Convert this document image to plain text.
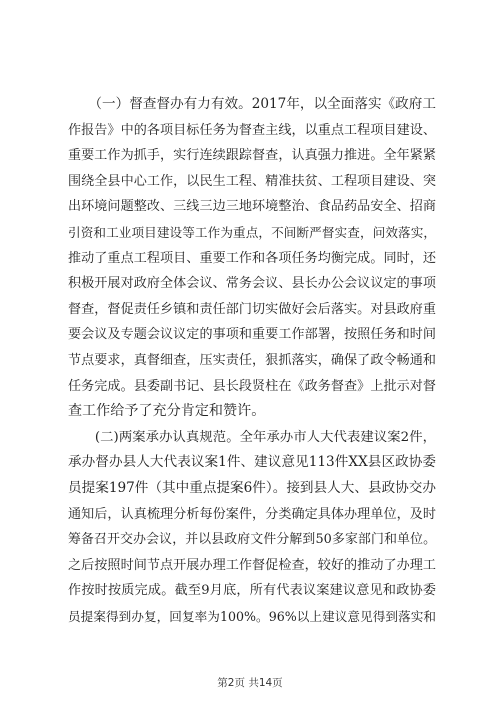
　　（一）督查督办有力有效。2017年，以全面落实《政府工
作报告》中的各项目标任务为督查主线，以重点工程项目建设、
重要工作为抓手，实行连续跟踪督查，认真强力推进。全年紧紧
围绕全县中心工作，以民生工程、精准扶贫、工程项目建设、突
出环境问题整改、三线三边三地环境整治、食品药品安全、招商
引资和工业项目建设等工作为重点，不间断严督实查，问效落实，
推动了重点工程项目、重要工作和各项任务均衡完成。同时，还
积极开展对政府全体会议、常务会议、县长办公会议议定的事项
督查，督促责任乡镇和责任部门切实做好会后落实。对县政府重
要会议及专题会议议定的事项和重要工作部署，按照任务和时间
节点要求，真督细查，压实责任，狠抓落实，确保了政令畅通和
任务完成。县委副书记、县长段贤柱在《政务督查》上批示对督
查工作给予了充分肯定和赞许。
　　(二)两案承办认真规范。全年承办市人大代表建议案2件，
承办督办县人大代表议案1件、建议意见113件XX县区政协委
员提案197件（其中重点提案6件）。接到县人大、县政协交办
通知后，认真梳理分析每份案件，分类确定具体办理单位，及时
筹备召开交办会议，并以县政府文件分解到50多家部门和单位。
之后按照时间节点开展办理工作督促检查，较好的推动了办理工
作按时按质完成。截至9月底，所有代表议案建议意见和政协委
员提案得到办复，回复率为100%。96%以上建议意见得到落实和
第2页 共14页
